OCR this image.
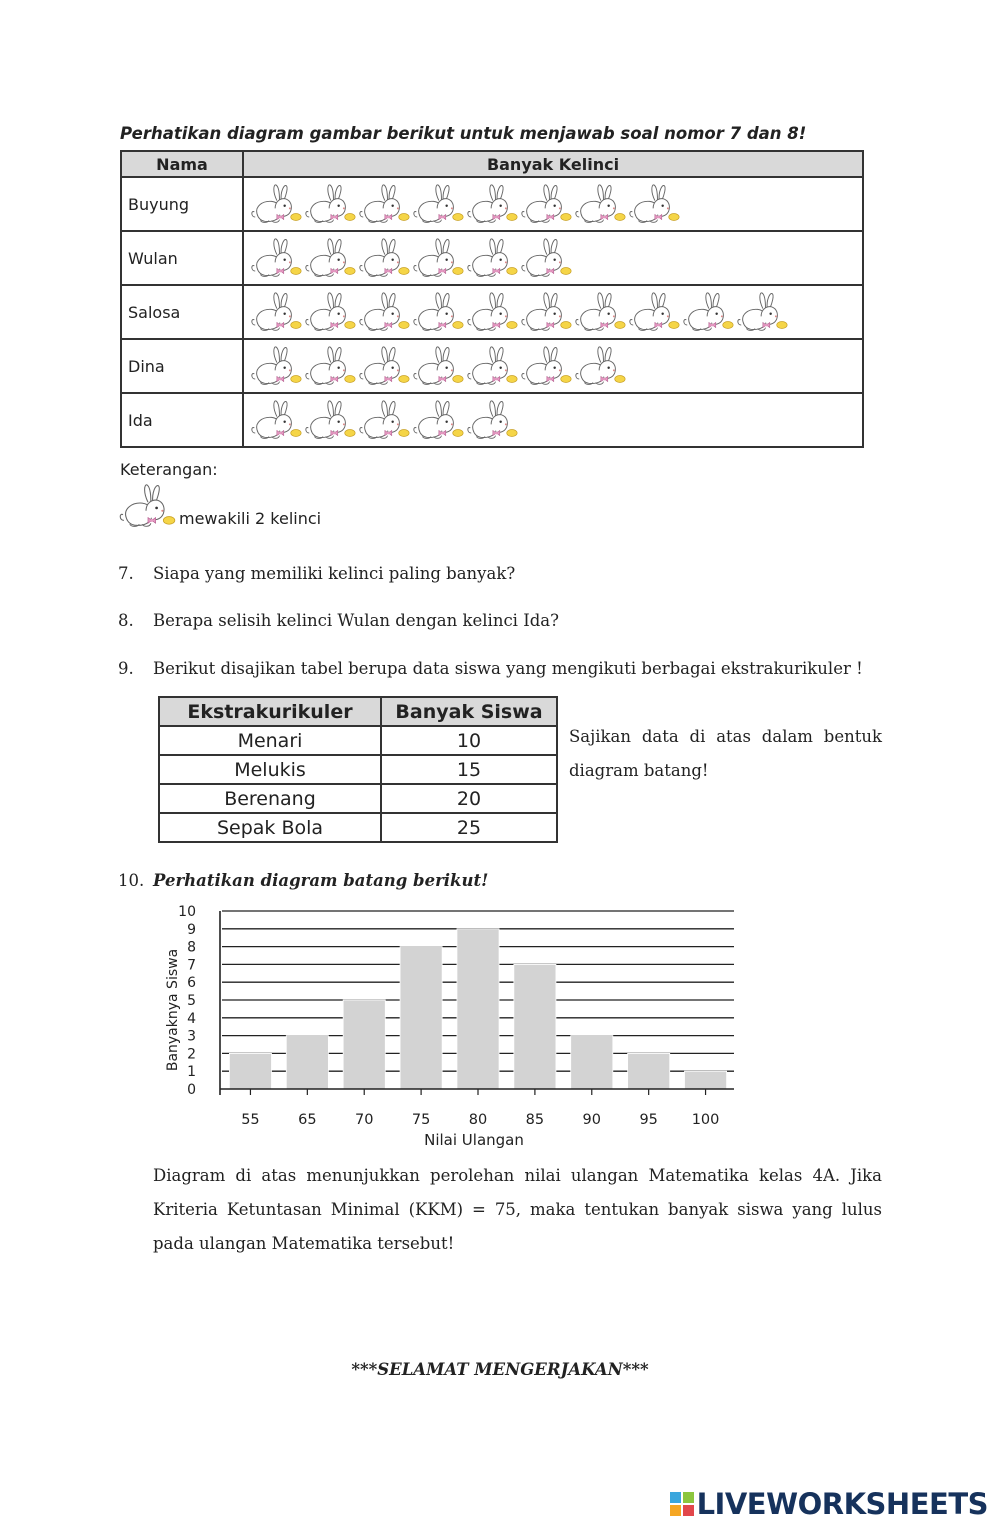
Perhatikan diagram gambar berikut untuk menjawab soal nomor 7 dan 8!
Nama	Banyak Kelinci
Buyung	

Wulan	

Salosa	

Dina	

Ida	
Keterangan:
mewakili 2 kelinci
7. Siapa yang memiliki kelinci paling banyak?
8. Berapa selisih kelinci Wulan dengan kelinci Ida?
9. Berikut disajikan tabel berupa data siswa yang mengikuti berbagai ekstrakurikuler !
Ekstrakurikuler	Banyak Siswa
Menari	10
Melukis	15
Berenang	20
Sepak Bola	25
Sajikan data di atas dalam bentuk
diagram batang!
10. Perhatikan diagram batang berikut!
0
1
2
3
4
5
6
7
8
9
10
55	65	70	75	80	85	90	95 100
Nilai Ulangan
Banyaknya Siswa
Diagram di atas menunjukkan perolehan nilai ulangan Matematika kelas 4A. Jika
Kriteria Ketuntasan Minimal (KKM) = 75, maka tentukan banyak siswa yang lulus
pada ulangan Matematika tersebut!
***SELAMAT MENGERJAKAN***
LIVEWORKSHEETS
